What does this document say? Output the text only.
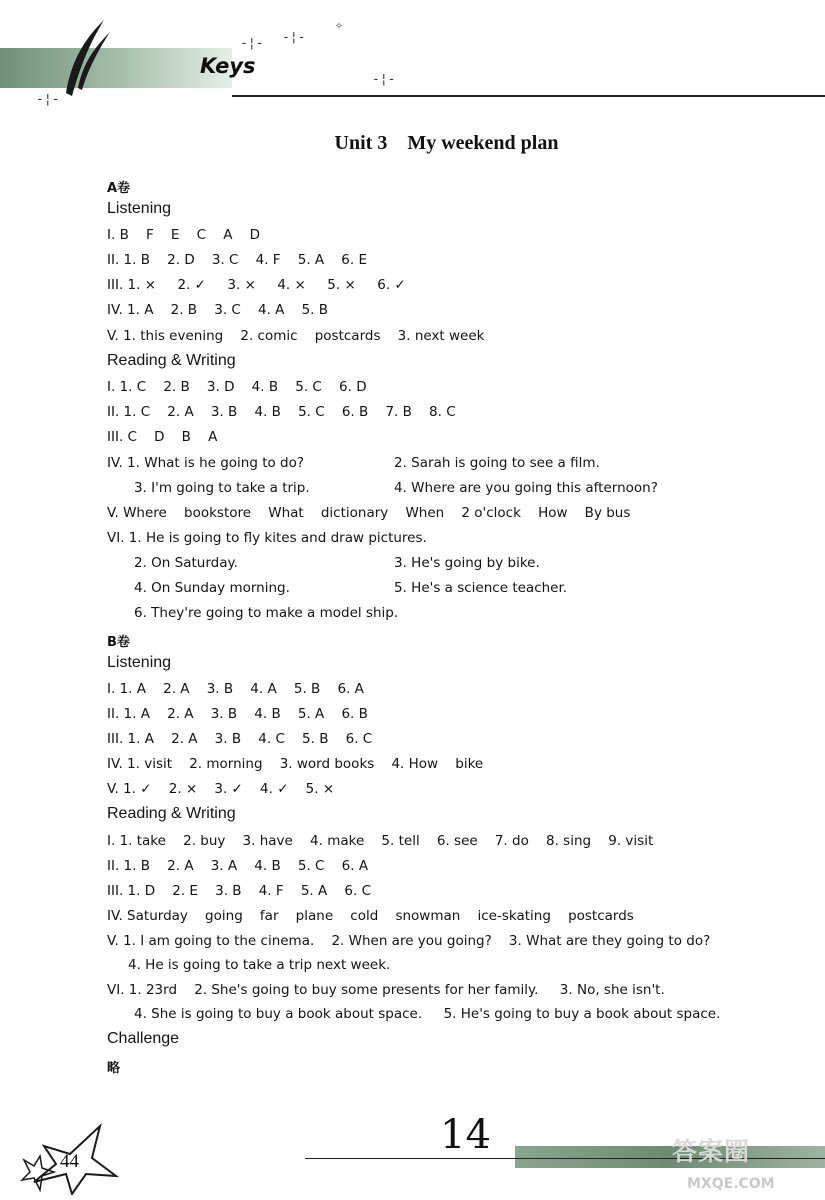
-¦- -¦-
✧
-¦-
-¦-
Keys
Unit 3    My weekend plan
A卷
Listening
I. B    F    E    C    A    D
II. 1. B    2. D    3. C    4. F    5. A    6. E
III. 1. ×     2. ✓     3. ×     4. ×     5. ×     6. ✓
IV. 1. A    2. B    3. C    4. A    5. B
V. 1. this evening    2. comic    postcards    3. next week
Reading & Writing
I. 1. C    2. B    3. D    4. B    5. C    6. D
II. 1. C    2. A    3. B    4. B    5. C    6. B    7. B    8. C
III. C    D    B    A
IV. 1. What is he going to do?	2. Sarah is going to see a film.
3. I'm going to take a trip.	4. Where are you going this afternoon?
V. Where    bookstore    What    dictionary    When    2 o'clock    How    By bus
VI. 1. He is going to fly kites and draw pictures.
2. On Saturday.	3. He's going by bike.
4. On Sunday morning.	5. He's a science teacher.
6. They're going to make a model ship.
B卷
Listening
I. 1. A    2. A    3. B    4. A    5. B    6. A
II. 1. A    2. A    3. B    4. B    5. A    6. B
III. 1. A    2. A    3. B    4. C    5. B    6. C
IV. 1. visit    2. morning    3. word books    4. How    bike
V. 1. ✓    2. ×    3. ✓    4. ✓    5. ×
Reading & Writing
I. 1. take    2. buy    3. have    4. make    5. tell    6. see    7. do    8. sing    9. visit
II. 1. B    2. A    3. A    4. B    5. C    6. A
III. 1. D    2. E    3. B    4. F    5. A    6. C
IV. Saturday    going    far    plane    cold    snowman    ice-skating    postcards
V. 1. I am going to the cinema.    2. When are you going?    3. What are they going to do?
4. He is going to take a trip next week.
VI. 1. 23rd    2. She's going to buy some presents for her family.     3. No, she isn't.
4. She is going to buy a book about space.     5. He's going to buy a book about space.
Challenge
略
44
14	答案圈
MXQE.COM
